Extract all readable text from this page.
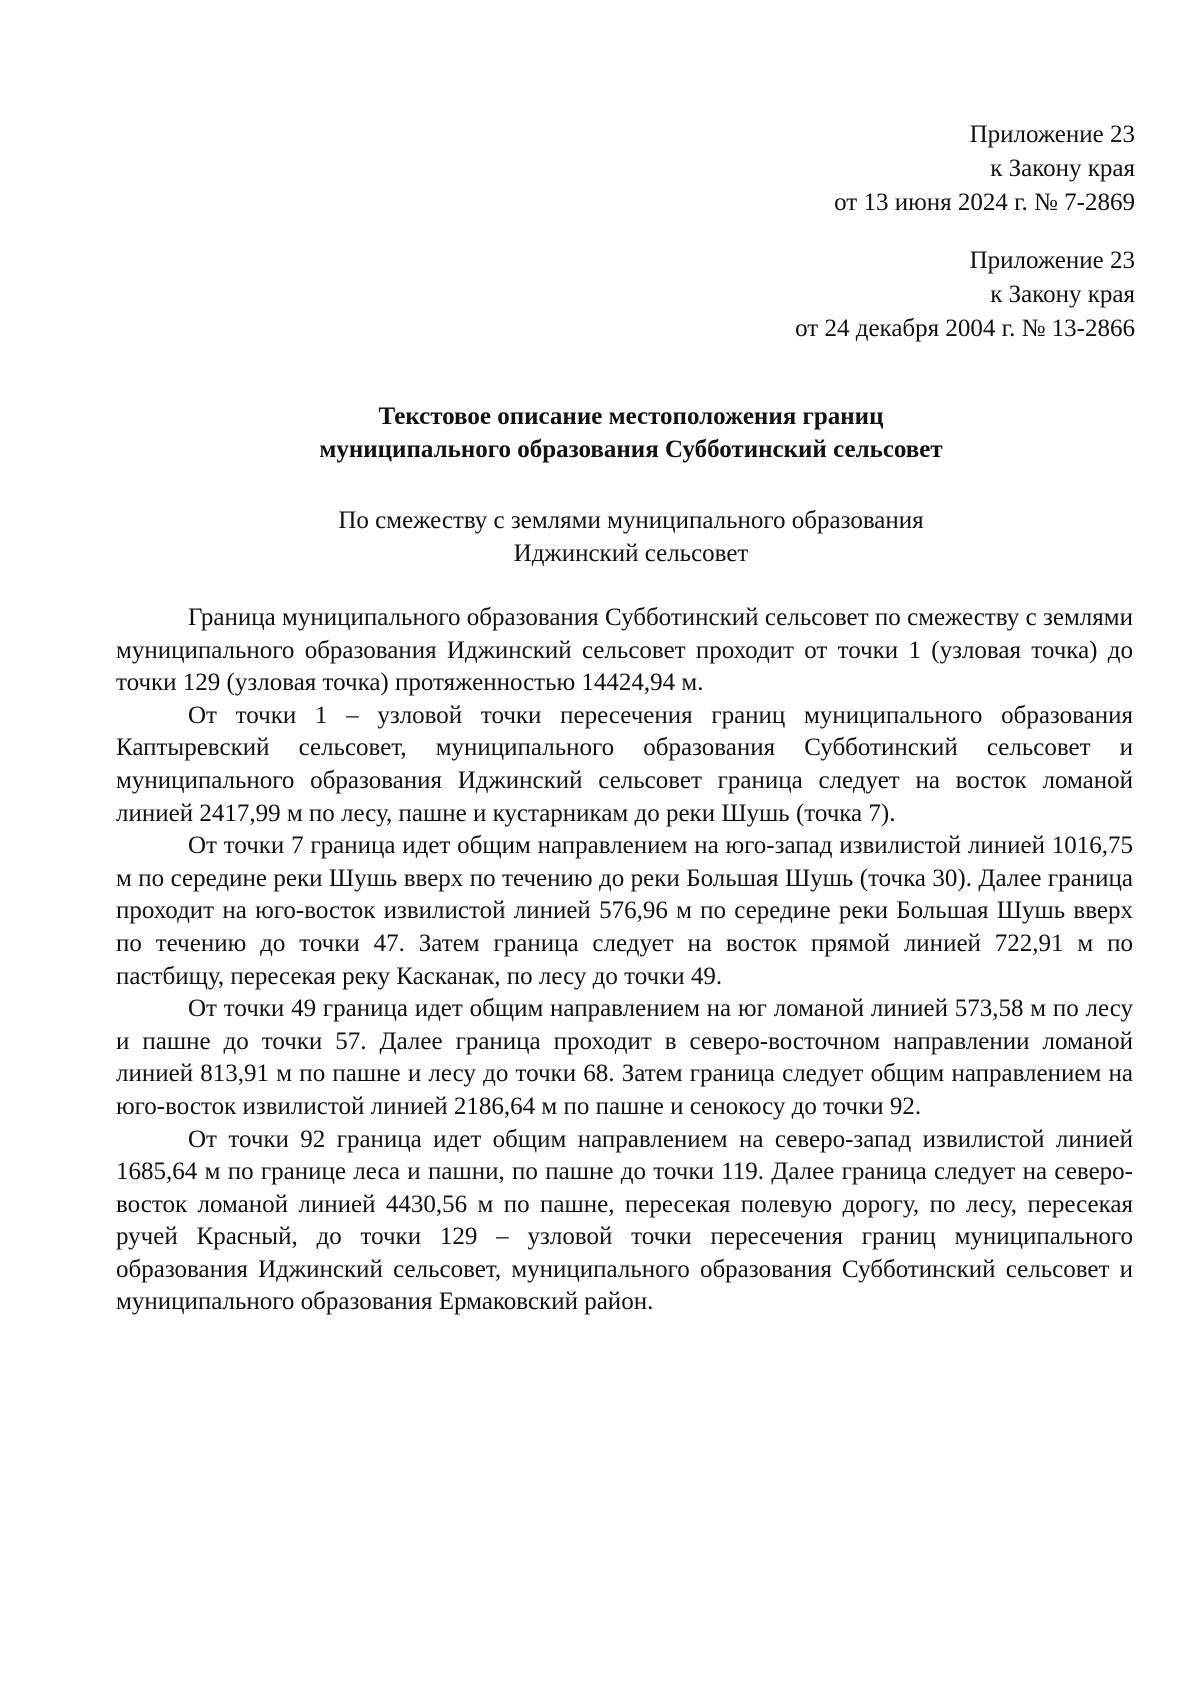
Приложение 23
к Закону края
от 13 июня 2024 г. № 7-2869
Приложение 23
к Закону края
от 24 декабря 2004 г. № 13-2866
Текстовое описание местоположения границ
муниципального образования Субботинский сельсовет
По смежеству с землями муниципального образования
Иджинский сельсовет

Граница муниципального образования Субботинский сельсовет по смежеству с землями муниципального образования Иджинский сельсовет проходит от точки 1 (узловая точка) до точки 129 (узловая точка) протяженностью 14424,94 м.

От точки 1 – узловой точки пересечения границ муниципального образования Каптыревский сельсовет, муниципального образования Субботинский сельсовет и муниципального образования Иджинский сельсовет граница следует на восток ломаной линией 2417,99 м по лесу, пашне и кустарникам до реки Шушь (точка 7).

От точки 7 граница идет общим направлением на юго-запад извилистой линией 1016,75 м по середине реки Шушь вверх по течению до реки Большая Шушь (точка 30). Далее граница проходит на юго-восток извилистой линией 576,96 м по середине реки Большая Шушь вверх по течению до точки 47. Затем граница следует на восток прямой линией 722,91 м по пастбищу, пересекая реку Касканак, по лесу до точки 49.

От точки 49 граница идет общим направлением на юг ломаной линией 573,58 м по лесу и пашне до точки 57. Далее граница проходит в северо-восточном направлении ломаной линией 813,91 м по пашне и лесу до точки 68. Затем граница следует общим направлением на юго-восток извилистой линией 2186,64 м по пашне и сенокосу до точки 92.

От точки 92 граница идет общим направлением на северо-запад извилистой линией 1685,64 м по границе леса и пашни, по пашне до точки 119. Далее граница следует на северо-восток ломаной линией 4430,56 м по пашне, пересекая полевую дорогу, по лесу, пересекая ручей Красный, до точки 129 – узловой точки пересечения границ муниципального образования Иджинский сельсовет, муниципального образования Субботинский сельсовет и муниципального образования Ермаковский район.
